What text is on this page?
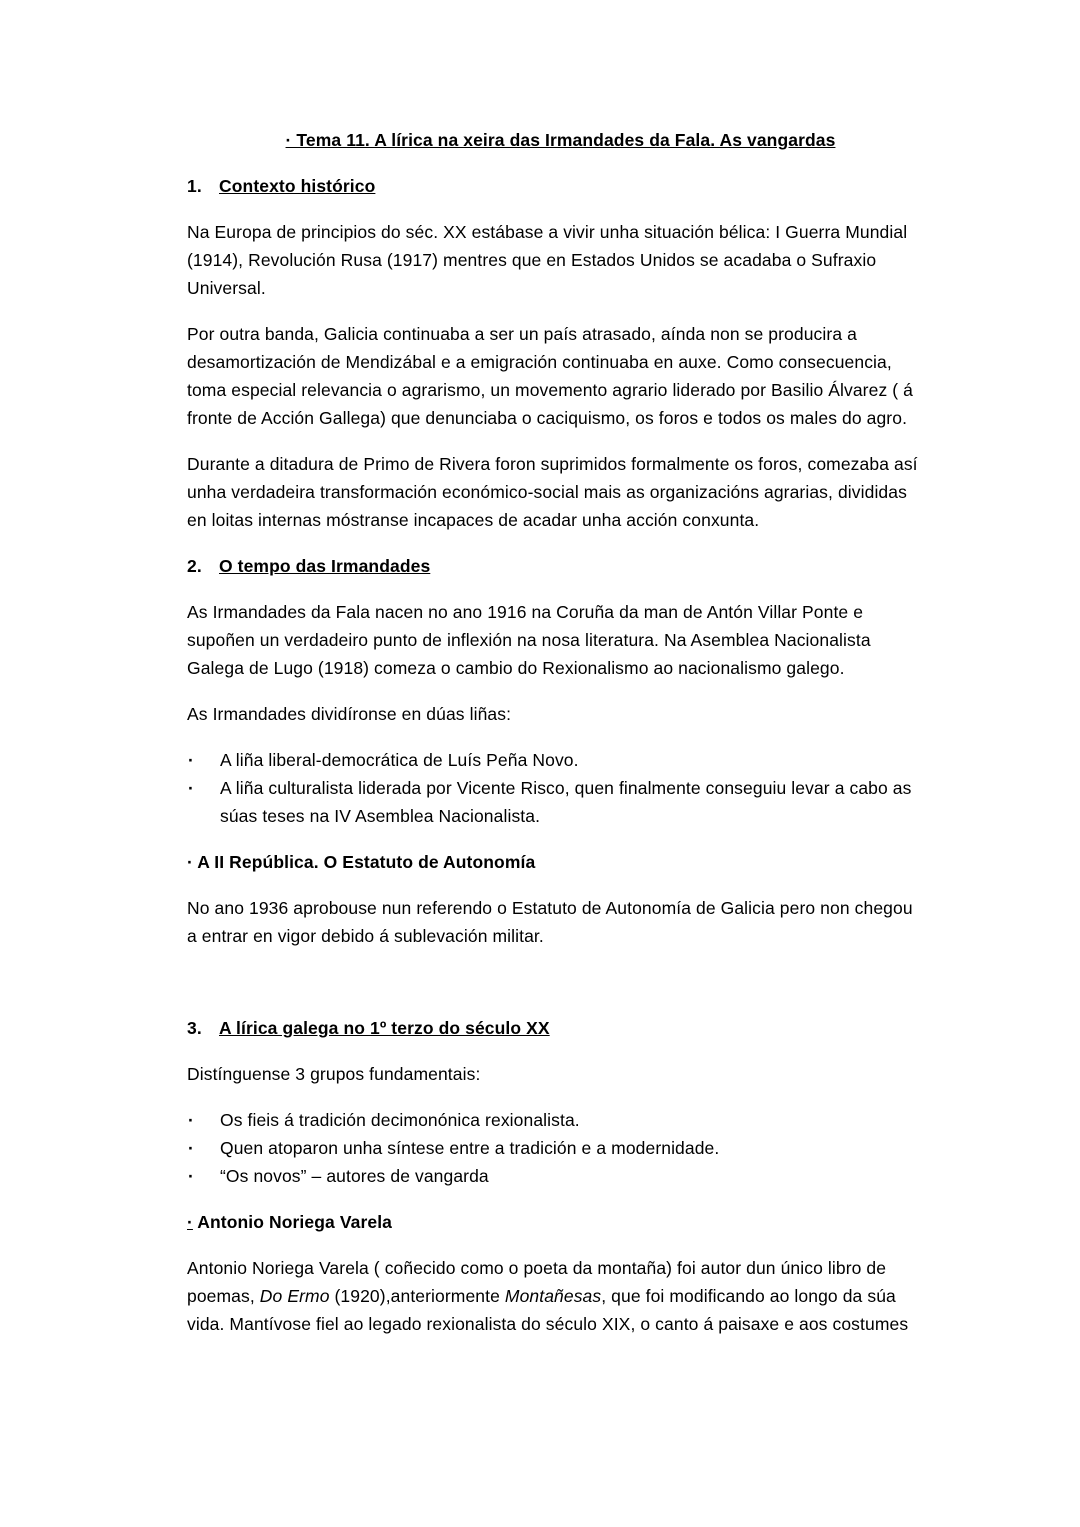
· Tema 11. A lírica na xeira das Irmandades da Fala. As vangardas
1. Contexto histórico

Na Europa de principios do séc. XX estábase a vivir unha situación bélica: I Guerra Mundial (1914), Revolución Rusa (1917) mentres que en Estados Unidos se acadaba o Sufraxio Universal.

Por outra banda, Galicia continuaba a ser un país atrasado, aínda non se producira a desamortización de Mendizábal e a emigración continuaba en auxe. Como consecuencia, toma especial relevancia o agrarismo, un movemento agrario liderado por Basilio Álvarez ( á fronte de Acción Gallega) que denunciaba o caciquismo, os foros e todos os males do agro.

Durante a ditadura de Primo de Rivera foron suprimidos formalmente os foros, comezaba así unha verdadeira transformación económico-social mais as organizacións agrarias, divididas en loitas internas móstranse incapaces de acadar unha acción conxunta.

2. O tempo das Irmandades

As Irmandades da Fala nacen no ano 1916 na Coruña da man de Antón Villar Ponte e supoñen un verdadeiro punto de inflexión na nosa literatura. Na Asemblea Nacionalista Galega de Lugo (1918) comeza o cambio do Rexionalismo ao nacionalismo galego.

As Irmandades dividíronse en dúas liñas:

·	A liña liberal-democrática de Luís Peña Novo.
·	A liña culturalista liderada por Vicente Risco, quen finalmente conseguiu levar a cabo as súas teses na IV Asemblea Nacionalista.
· A II República. O Estatuto de Autonomía

No ano 1936 aprobouse nun referendo o Estatuto de Autonomía de Galicia pero non chegou a entrar en vigor debido á sublevación militar.

3. A lírica galega no 1º terzo do século XX

Distínguense 3 grupos fundamentais:

·	Os fieis á tradición decimonónica rexionalista.
·	Quen atoparon unha síntese entre a tradición e a modernidade.
·	“Os novos” – autores de vangarda
· Antonio Noriega Varela

Antonio Noriega Varela ( coñecido como o poeta da montaña) foi autor dun único libro de poemas, Do Ermo (1920),anteriormente Montañesas, que foi modificando ao longo da súa vida. Mantívose fiel ao legado rexionalista do século XIX, o canto á paisaxe e aos costumes
